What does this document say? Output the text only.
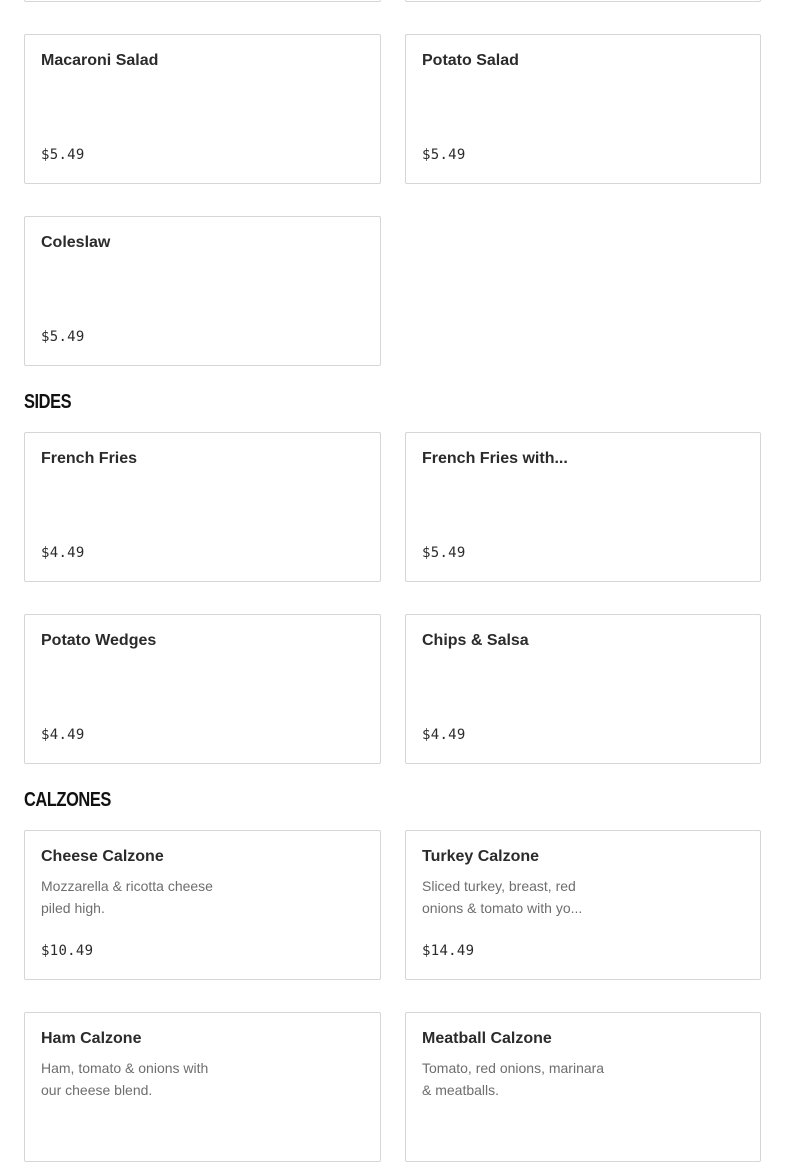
Macaroni Salad
$5.49
Potato Salad
$5.49
Coleslaw
$5.49
SIDES
French Fries
$4.49
French Fries with...
$5.49
Potato Wedges
$4.49
Chips & Salsa
$4.49
CALZONES
Cheese Calzone
Mozzarella & ricotta cheese piled high.
$10.49
Turkey Calzone
Sliced turkey, breast, red onions & tomato with yo...
$14.49
Ham Calzone
Ham, tomato & onions with our cheese blend.
Meatball Calzone
Tomato, red onions, marinara & meatballs.
